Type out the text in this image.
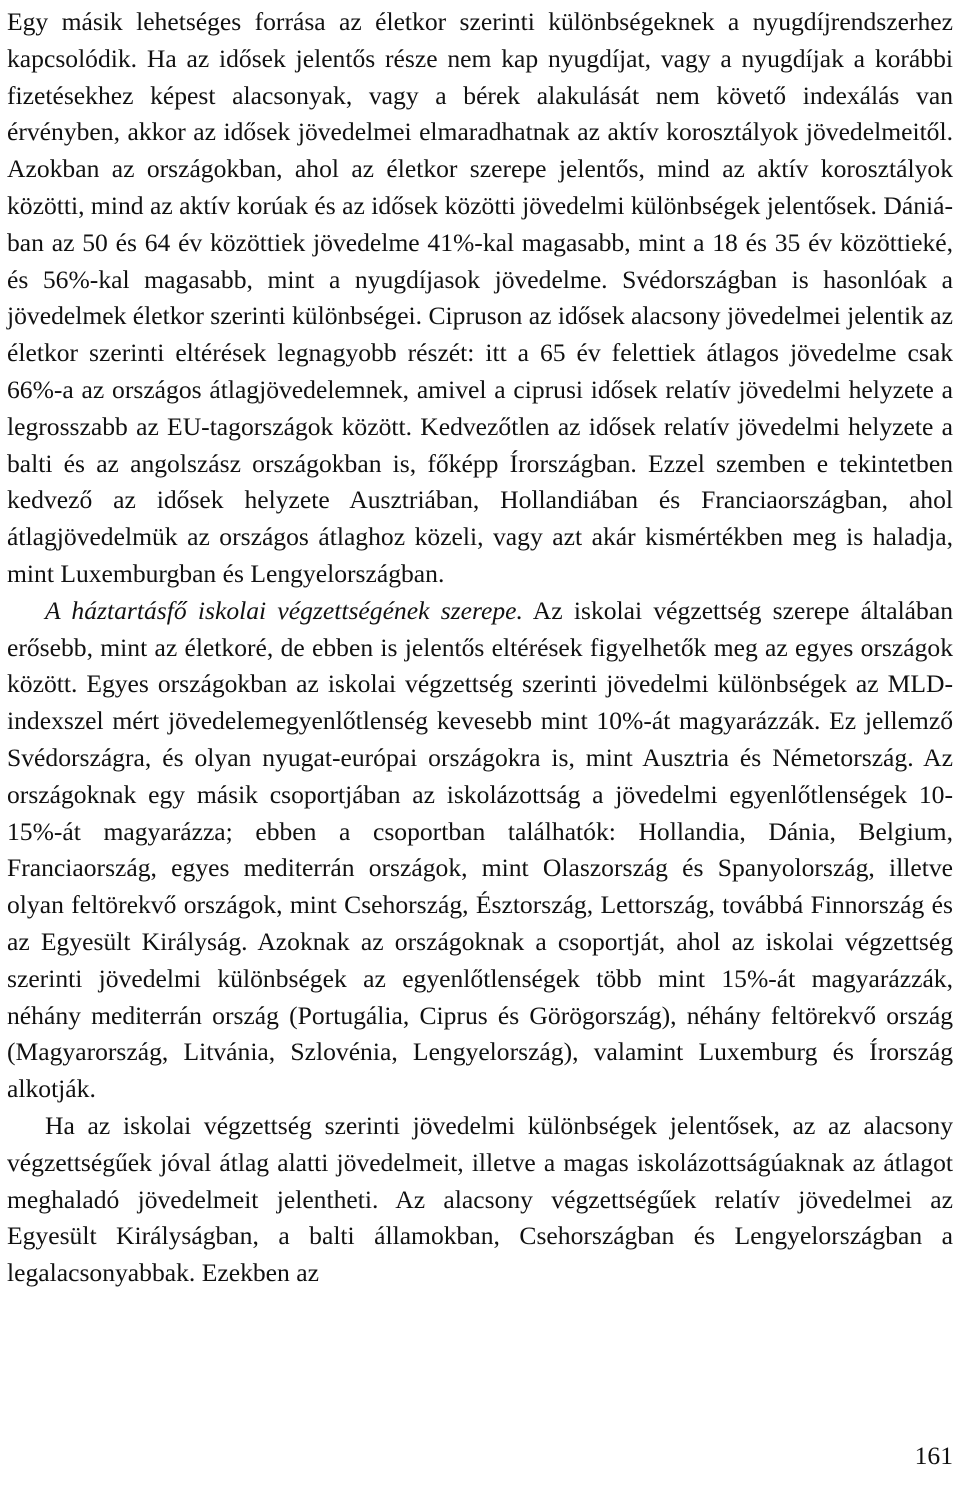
Egy másik lehetséges forrása az életkor szerinti különbségeknek a nyugdíjrendszerhez kapcsolódik. Ha az idősek jelentős része nem kap nyugdíjat, vagy a nyugdíjak a korábbi fizetésekhez képest alacsonyak, vagy a bérek alakulását nem követő indexálás van érvényben, akkor az idősek jövedelmei elmaradhatnak az aktív korosztályok jövedelmeitől. Azokban az országokban, ahol az életkor szerepe jelentős, mind az aktív korosztályok közötti, mind az aktív korúak és az idősek közötti jövedelmi különbségek jelentősek. Dániában az 50 és 64 év közöttiek jövedelme 41%-kal magasabb, mint a 18 és 35 év közöttieké, és 56%-kal magasabb, mint a nyugdíjasok jövedelme. Svédországban is hasonlóak a jövedelmek életkor szerinti különbségei. Cipruson az idősek alacsony jövedelmei jelentik az életkor szerinti eltérések legnagyobb részét: itt a 65 év felettiek átlagos jövedelme csak 66%-a az országos átlagjövedelemnek, amivel a ciprusi idősek relatív jövedelmi helyzete a legrosszabb az EU-tagországok között. Kedvezőtlen az idősek relatív jövedelmi helyzete a balti és az angolszász országokban is, főképp Írországban. Ezzel szemben e tekintetben kedvező az idősek helyzete Ausztriában, Hollandiában és Franciaországban, ahol átlagjövedelmük az országos átlaghoz közeli, vagy azt akár kismértékben meg is haladja, mint Luxemburgban és Lengyelországban.

A háztartásfő iskolai végzettségének szerepe. Az iskolai végzettség szerepe általában erősebb, mint az életkoré, de ebben is jelentős eltérések figyelhetők meg az egyes országok között. Egyes országokban az iskolai végzettség szerinti jövedelmi különbségek az MLD-indexszel mért jövedelemegyenlőtlenség kevesebb mint 10%-át magyarázzák. Ez jellemző Svédországra, és olyan nyugat-európai országokra is, mint Ausztria és Németország. Az országoknak egy másik csoportjában az iskolázottság a jövedelmi egyenlőtlenségek 10-15%-át magyarázza; ebben a csoportban találhatók: Hollandia, Dánia, Belgium, Franciaország, egyes mediterrán országok, mint Olaszország és Spanyolország, illetve olyan feltörekvő országok, mint Csehország, Észtország, Lettország, továbbá Finnország és az Egyesült Királyság. Azoknak az országoknak a csoportját, ahol az iskolai végzettség szerinti jövedelmi különbségek az egyenlőtlenségek több mint 15%-át magyarázzák, néhány mediterrán ország (Portugália, Ciprus és Görögország), néhány feltörekvő ország (Magyarország, Litvánia, Szlovénia, Lengyelország), valamint Luxemburg és Írország alkotják.

Ha az iskolai végzettség szerinti jövedelmi különbségek jelentősek, az az alacsony végzettségűek jóval átlag alatti jövedelmeit, illetve a magas iskolázottságúaknak az átlagot meghaladó jövedelmeit jelentheti. Az alacsony végzettségűek relatív jövedelmei az Egyesült Királyságban, a balti államokban, Csehországban és Lengyelországban a legalacsonyabbak. Ezekben az

161
